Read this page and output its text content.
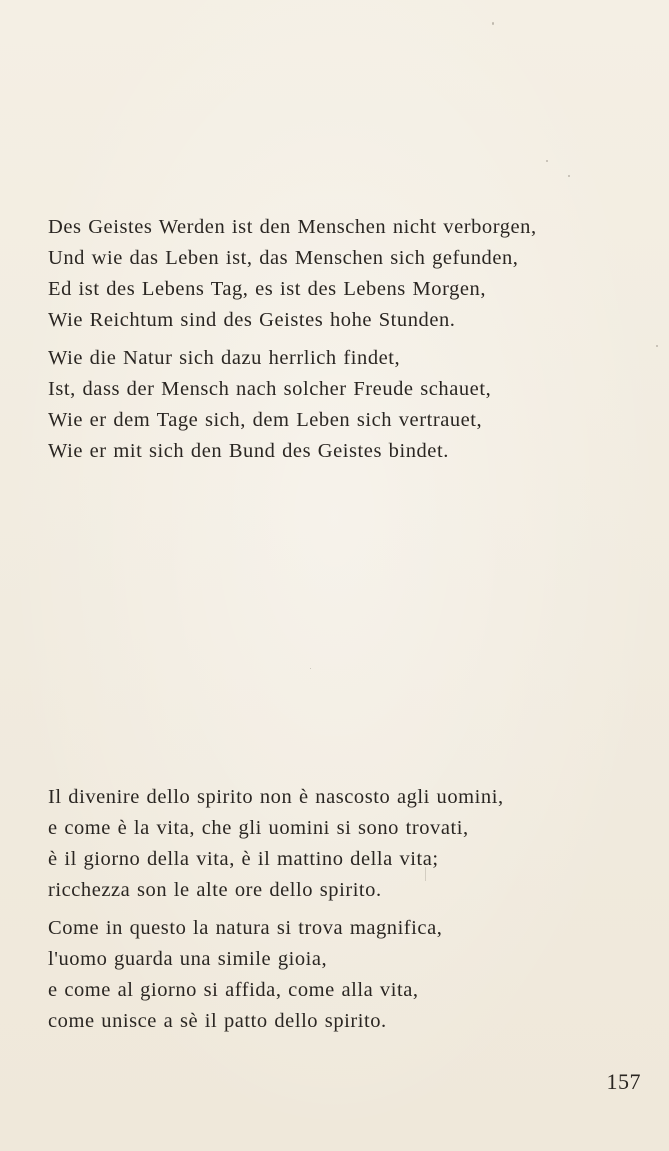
Des Geistes Werden ist den Menschen nicht verborgen,
Und wie das Leben ist, das Menschen sich gefunden,
Ed ist des Lebens Tag, es ist des Lebens Morgen,
Wie Reichtum sind des Geistes hohe Stunden.
Wie die Natur sich dazu herrlich findet,
Ist, dass der Mensch nach solcher Freude schauet,
Wie er dem Tage sich, dem Leben sich vertrauet,
Wie er mit sich den Bund des Geistes bindet.
Il divenire dello spirito non è nascosto agli uomini,
e come è la vita, che gli uomini si sono trovati,
è il giorno della vita, è il mattino della vita;
ricchezza son le alte ore dello spirito.
Come in questo la natura si trova magnifica,
l'uomo guarda una simile gioia,
e come al giorno si affida, come alla vita,
come unisce a sè il patto dello spirito.
157
